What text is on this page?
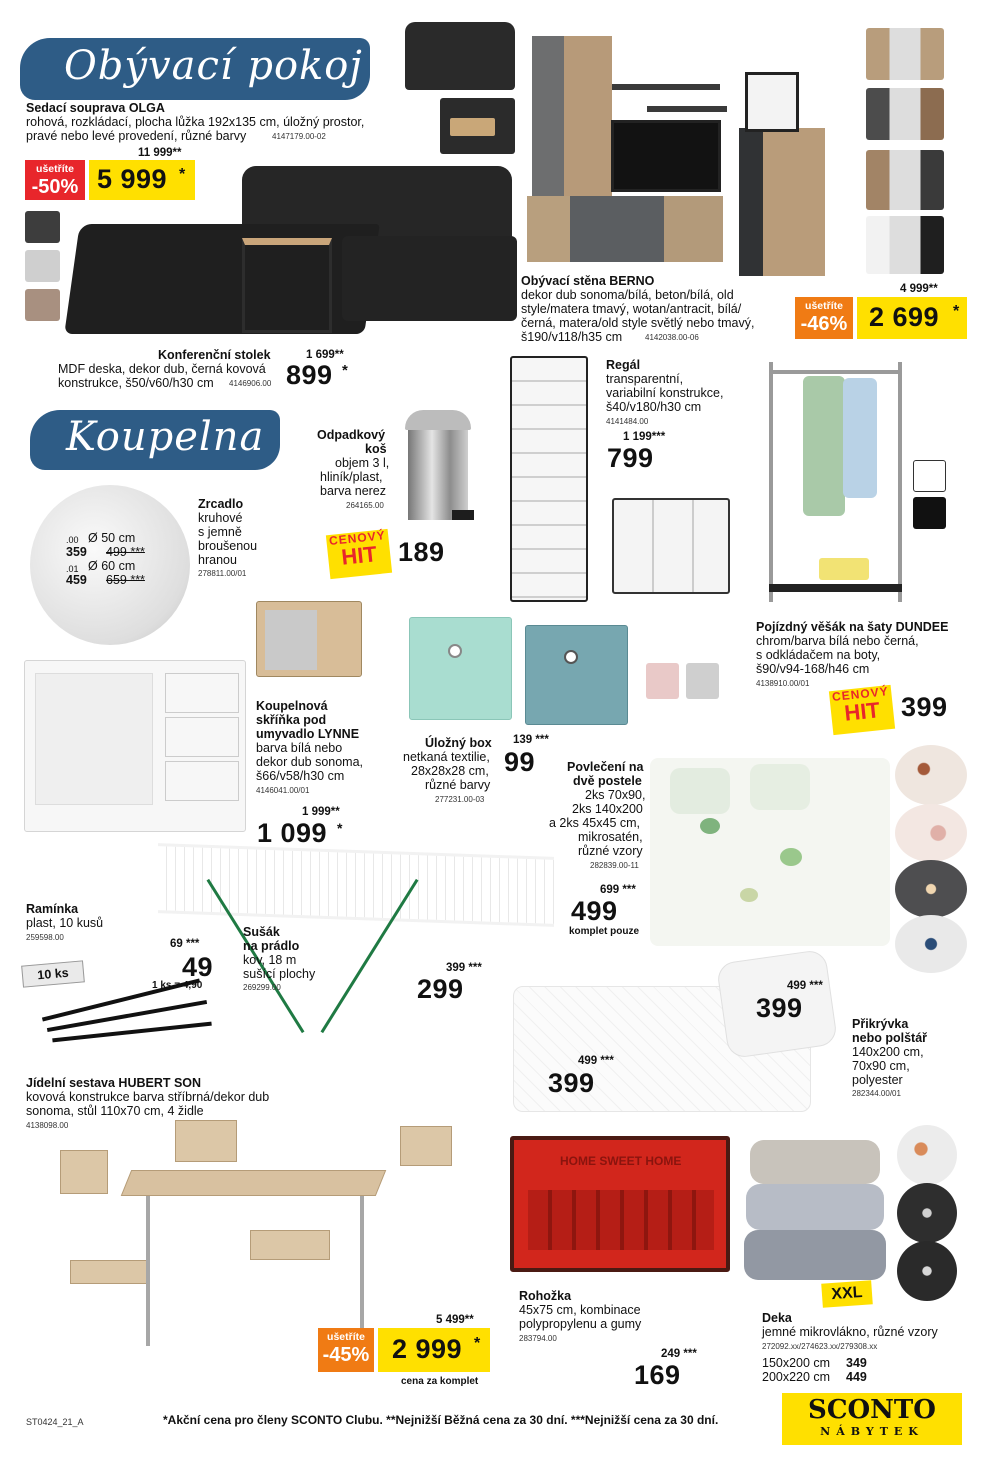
Obývací pokoj
Sedací souprava OLGA
rohová, rozkládací, plocha lůžka 192x135 cm, úložný prostor,
pravé nebo levé provedení, různé barvy	4147179.00-02
11 999**
ušetříte
-50% 5 999 *
Obývací stěna BERNO
dekor dub sonoma/bílá, beton/bílá, old
style/matera tmavý, wotan/antracit, bílá/
černá, matera/old style světlý nebo tmavý,
š190/v118/h35 cm	4142038.00-06
4 999**
ušetříte
-46% 2 699 *
Konferenční stolek
MDF deska, dekor dub, černá kovová
konstrukce, š50/v60/h30 cm 4146906.00
1 699**
899 *
Koupelna	Odpadkový
koš
objem 3 l,
hliník/plast,
barva nerez
264165.00
CENOVÝ
HIT 189
Regál
transparentní,
variabilní konstrukce,
š40/v180/h30 cm
4141484.00
1 199***
799
Pojízdný věšák na šaty DUNDEE
chrom/barva bílá nebo černá,
s odkládačem na boty,
š90/v94-168/h46 cm
4138910.00/01
CENOVÝ
HIT 399
.00 Ø 50 cm
359 499 ***
.01 Ø 60 cm
459 659 ***
Zrcadlo
kruhové
s jemně
broušenou
hranou
278811.00/01
Koupelnová
skříňka pod
umyvadlo LYNNE
barva bílá nebo
dekor dub sonoma,
š66/v58/h30 cm
4146041.00/01
1 999**
1 099 *
Úložný box
netkaná textilie,
28x28x28 cm,
různé barvy
277231.00-03
139 ***
99	Povlečení na
dvě postele
2ks 70x90,
2ks 140x200
a 2ks 45x45 cm,
mikrosatén,
různé vzory
282839.00-11
699 ***
499
komplet pouze
Ramínka
plast, 10 kusů
259598.00
10 ks
69 ***
49
1 ks = 4,90
Sušák
na prádlo
kov, 18 m
sušící plochy
269299.00
399 ***
299	499 ***
399
499 ***
399
Přikrývka
nebo polštář
140x200 cm,
70x90 cm,
polyester
282344.00/01
Jídelní sestava HUBERT SON
kovová konstrukce barva stříbrná/dekor dub
sonoma, stůl 110x70 cm, 4 židle
4138098.00
5 499**
ušetříte
-45% 2 999 *
cena za komplet
HOME SWEET HOME
Rohožka
45x75 cm, kombinace
polypropylenu a gumy
283794.00
249 ***
169
XXL
Deka
jemné mikrovlákno, různé vzory
272092.xx/274623.xx/279308.xx
150x200 cm 349
200x220 cm 449
ST0424_21_A	*Akční cena pro členy SCONTO Clubu. **Nejnižší Běžná cena za 30 dní. ***Nejnižší cena za 30 dní.	SCONTO
NÁBYTEK
